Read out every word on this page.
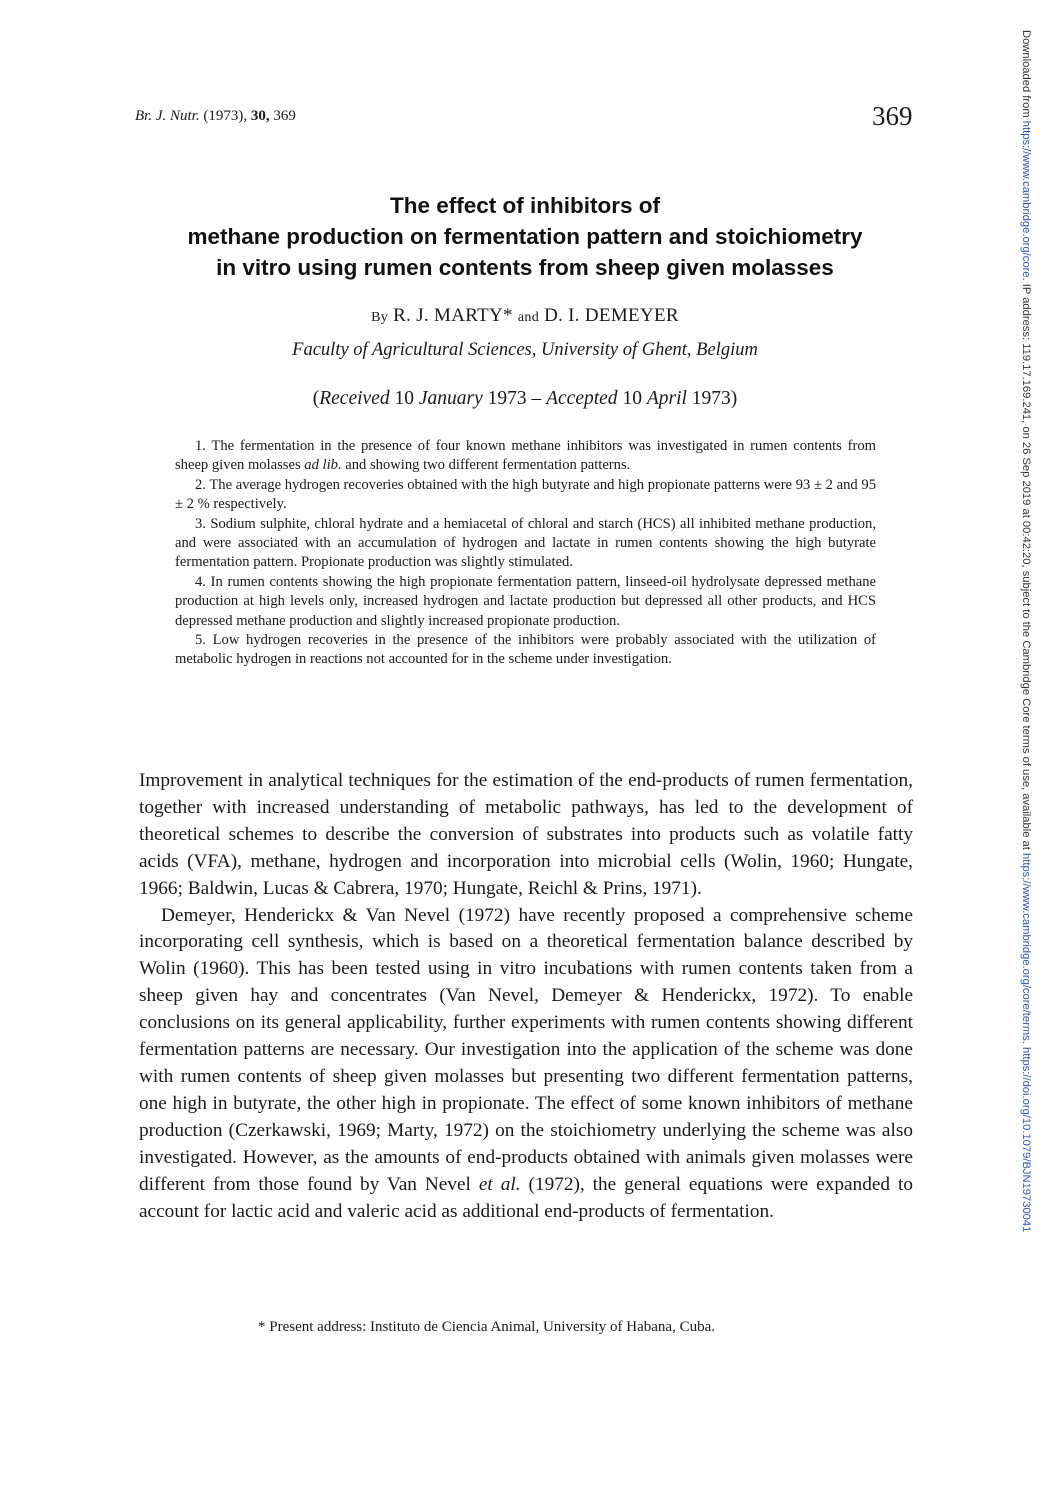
Br. J. Nutr. (1973), 30, 369	369
The effect of inhibitors of
methane production on fermentation pattern and stoichiometry
in vitro using rumen contents from sheep given molasses
By R. J. MARTY* and D. I. DEMEYER
Faculty of Agricultural Sciences, University of Ghent, Belgium
(Received 10 January 1973 – Accepted 10 April 1973)

1. The fermentation in the presence of four known methane inhibitors was investigated in rumen contents from sheep given molasses ad lib. and showing two different fermentation patterns.

2. The average hydrogen recoveries obtained with the high butyrate and high propionate patterns were 93 ± 2 and 95 ± 2 % respectively.

3. Sodium sulphite, chloral hydrate and a hemiacetal of chloral and starch (HCS) all inhibited methane production, and were associated with an accumulation of hydrogen and lactate in rumen contents showing the high butyrate fermentation pattern. Propionate production was slightly stimulated.

4. In rumen contents showing the high propionate fermentation pattern, linseed-oil hydrolysate depressed methane production at high levels only, increased hydrogen and lactate production but depressed all other products, and HCS depressed methane production and slightly increased propionate production.

5. Low hydrogen recoveries in the presence of the inhibitors were probably associated with the utilization of metabolic hydrogen in reactions not accounted for in the scheme under investigation.

Improvement in analytical techniques for the estimation of the end-products of rumen fermentation, together with increased understanding of metabolic pathways, has led to the development of theoretical schemes to describe the conversion of substrates into products such as volatile fatty acids (VFA), methane, hydrogen and incorporation into microbial cells (Wolin, 1960; Hungate, 1966; Baldwin, Lucas & Cabrera, 1970; Hungate, Reichl & Prins, 1971).

Demeyer, Henderickx & Van Nevel (1972) have recently proposed a comprehensive scheme incorporating cell synthesis, which is based on a theoretical fermentation balance described by Wolin (1960). This has been tested using in vitro incubations with rumen contents taken from a sheep given hay and concentrates (Van Nevel, Demeyer & Henderickx, 1972). To enable conclusions on its general applicability, further experiments with rumen contents showing different fermentation patterns are necessary. Our investigation into the application of the scheme was done with rumen contents of sheep given molasses but presenting two different fermentation patterns, one high in butyrate, the other high in propionate. The effect of some known inhibitors of methane production (Czerkawski, 1969; Marty, 1972) on the stoichiometry underlying the scheme was also investigated. However, as the amounts of end-products obtained with animals given molasses were different from those found by Van Nevel et al. (1972), the general equations were expanded to account for lactic acid and valeric acid as additional end-products of fermentation.

* Present address: Instituto de Ciencia Animal, University of Habana, Cuba.
Downloaded from https://www.cambridge.org/core. IP address: 119.17.169.241, on 26 Sep 2019 at 00:42:20, subject to the Cambridge Core terms of use, available at https://www.cambridge.org/core/terms. https://doi.org/10.1079/BJN19730041
